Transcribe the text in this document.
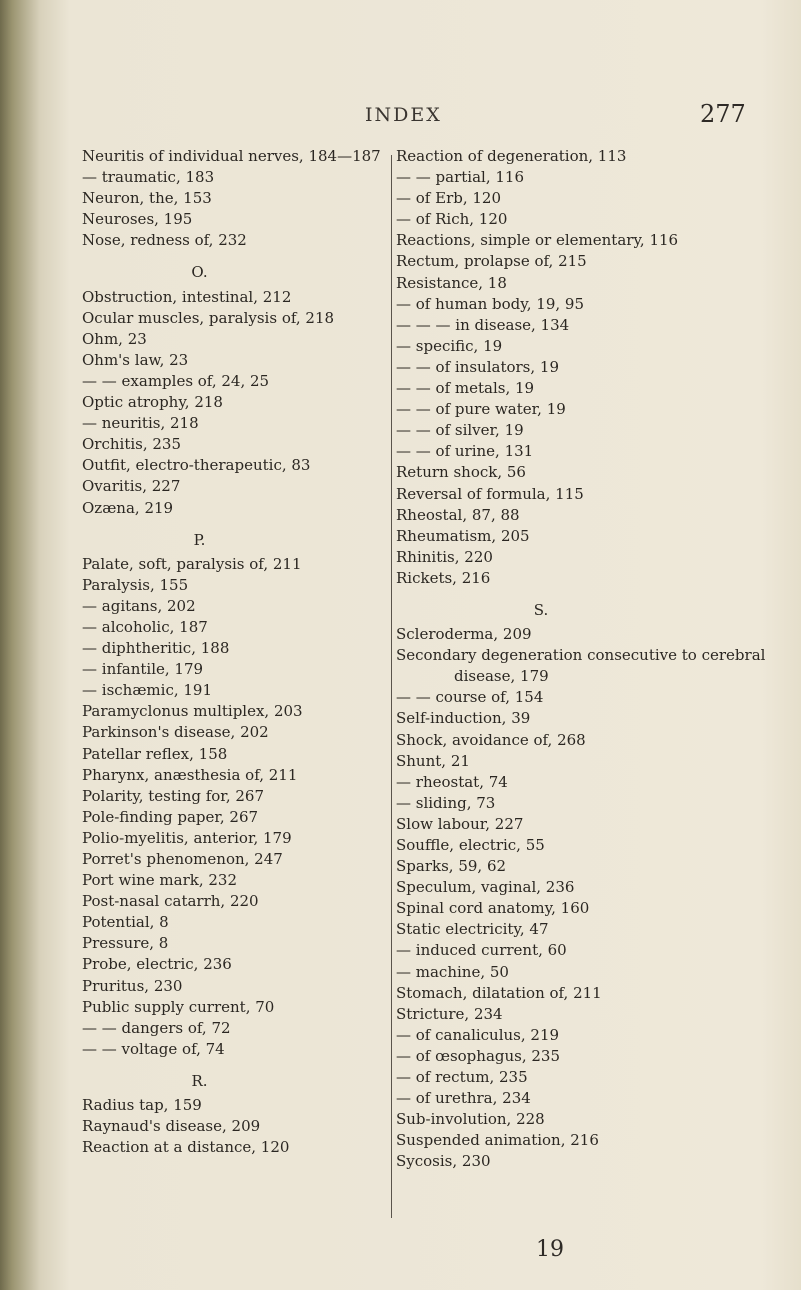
INDEX	277
Neuritis of individual nerves, 184—187
— traumatic, 183
Neuron, the, 153
Neuroses, 195
Nose, redness of, 232
O.
Obstruction, intestinal, 212
Ocular muscles, paralysis of, 218
Ohm, 23
Ohm's law, 23
— — examples of, 24, 25
Optic atrophy, 218
— neuritis, 218
Orchitis, 235
Outfit, electro-therapeutic, 83
Ovaritis, 227
Ozæna, 219
P.
Palate, soft, paralysis of, 211
Paralysis, 155
— agitans, 202
— alcoholic, 187
— diphtheritic, 188
— infantile, 179
— ischæmic, 191
Paramyclonus multiplex, 203
Parkinson's disease, 202
Patellar reflex, 158
Pharynx, anæsthesia of, 211
Polarity, testing for, 267
Pole-finding paper, 267
Polio-myelitis, anterior, 179
Porret's phenomenon, 247
Port wine mark, 232
Post-nasal catarrh, 220
Potential, 8
Pressure, 8
Probe, electric, 236
Pruritus, 230
Public supply current, 70
— — dangers of, 72
— — voltage of, 74
R.
Radius tap, 159
Raynaud's disease, 209
Reaction at a distance, 120
Reaction of degeneration, 113
— — partial, 116
— of Erb, 120
— of Rich, 120
Reactions, simple or elementary, 116
Rectum, prolapse of, 215
Resistance, 18
— of human body, 19, 95
— — — in disease, 134
— specific, 19
— — of insulators, 19
— — of metals, 19
— — of pure water, 19
— — of silver, 19
— — of urine, 131
Return shock, 56
Reversal of formula, 115
Rheostal, 87, 88
Rheumatism, 205
Rhinitis, 220
Rickets, 216
S.
Scleroderma, 209
Secondary degeneration consecutive to cerebral disease, 179
— — course of, 154
Self-induction, 39
Shock, avoidance of, 268
Shunt, 21
— rheostat, 74
— sliding, 73
Slow labour, 227
Souffle, electric, 55
Sparks, 59, 62
Speculum, vaginal, 236
Spinal cord anatomy, 160
Static electricity, 47
— induced current, 60
— machine, 50
Stomach, dilatation of, 211
Stricture, 234
— of canaliculus, 219
— of œsophagus, 235
— of rectum, 235
— of urethra, 234
Sub-involution, 228
Suspended animation, 216
Sycosis, 230
19
